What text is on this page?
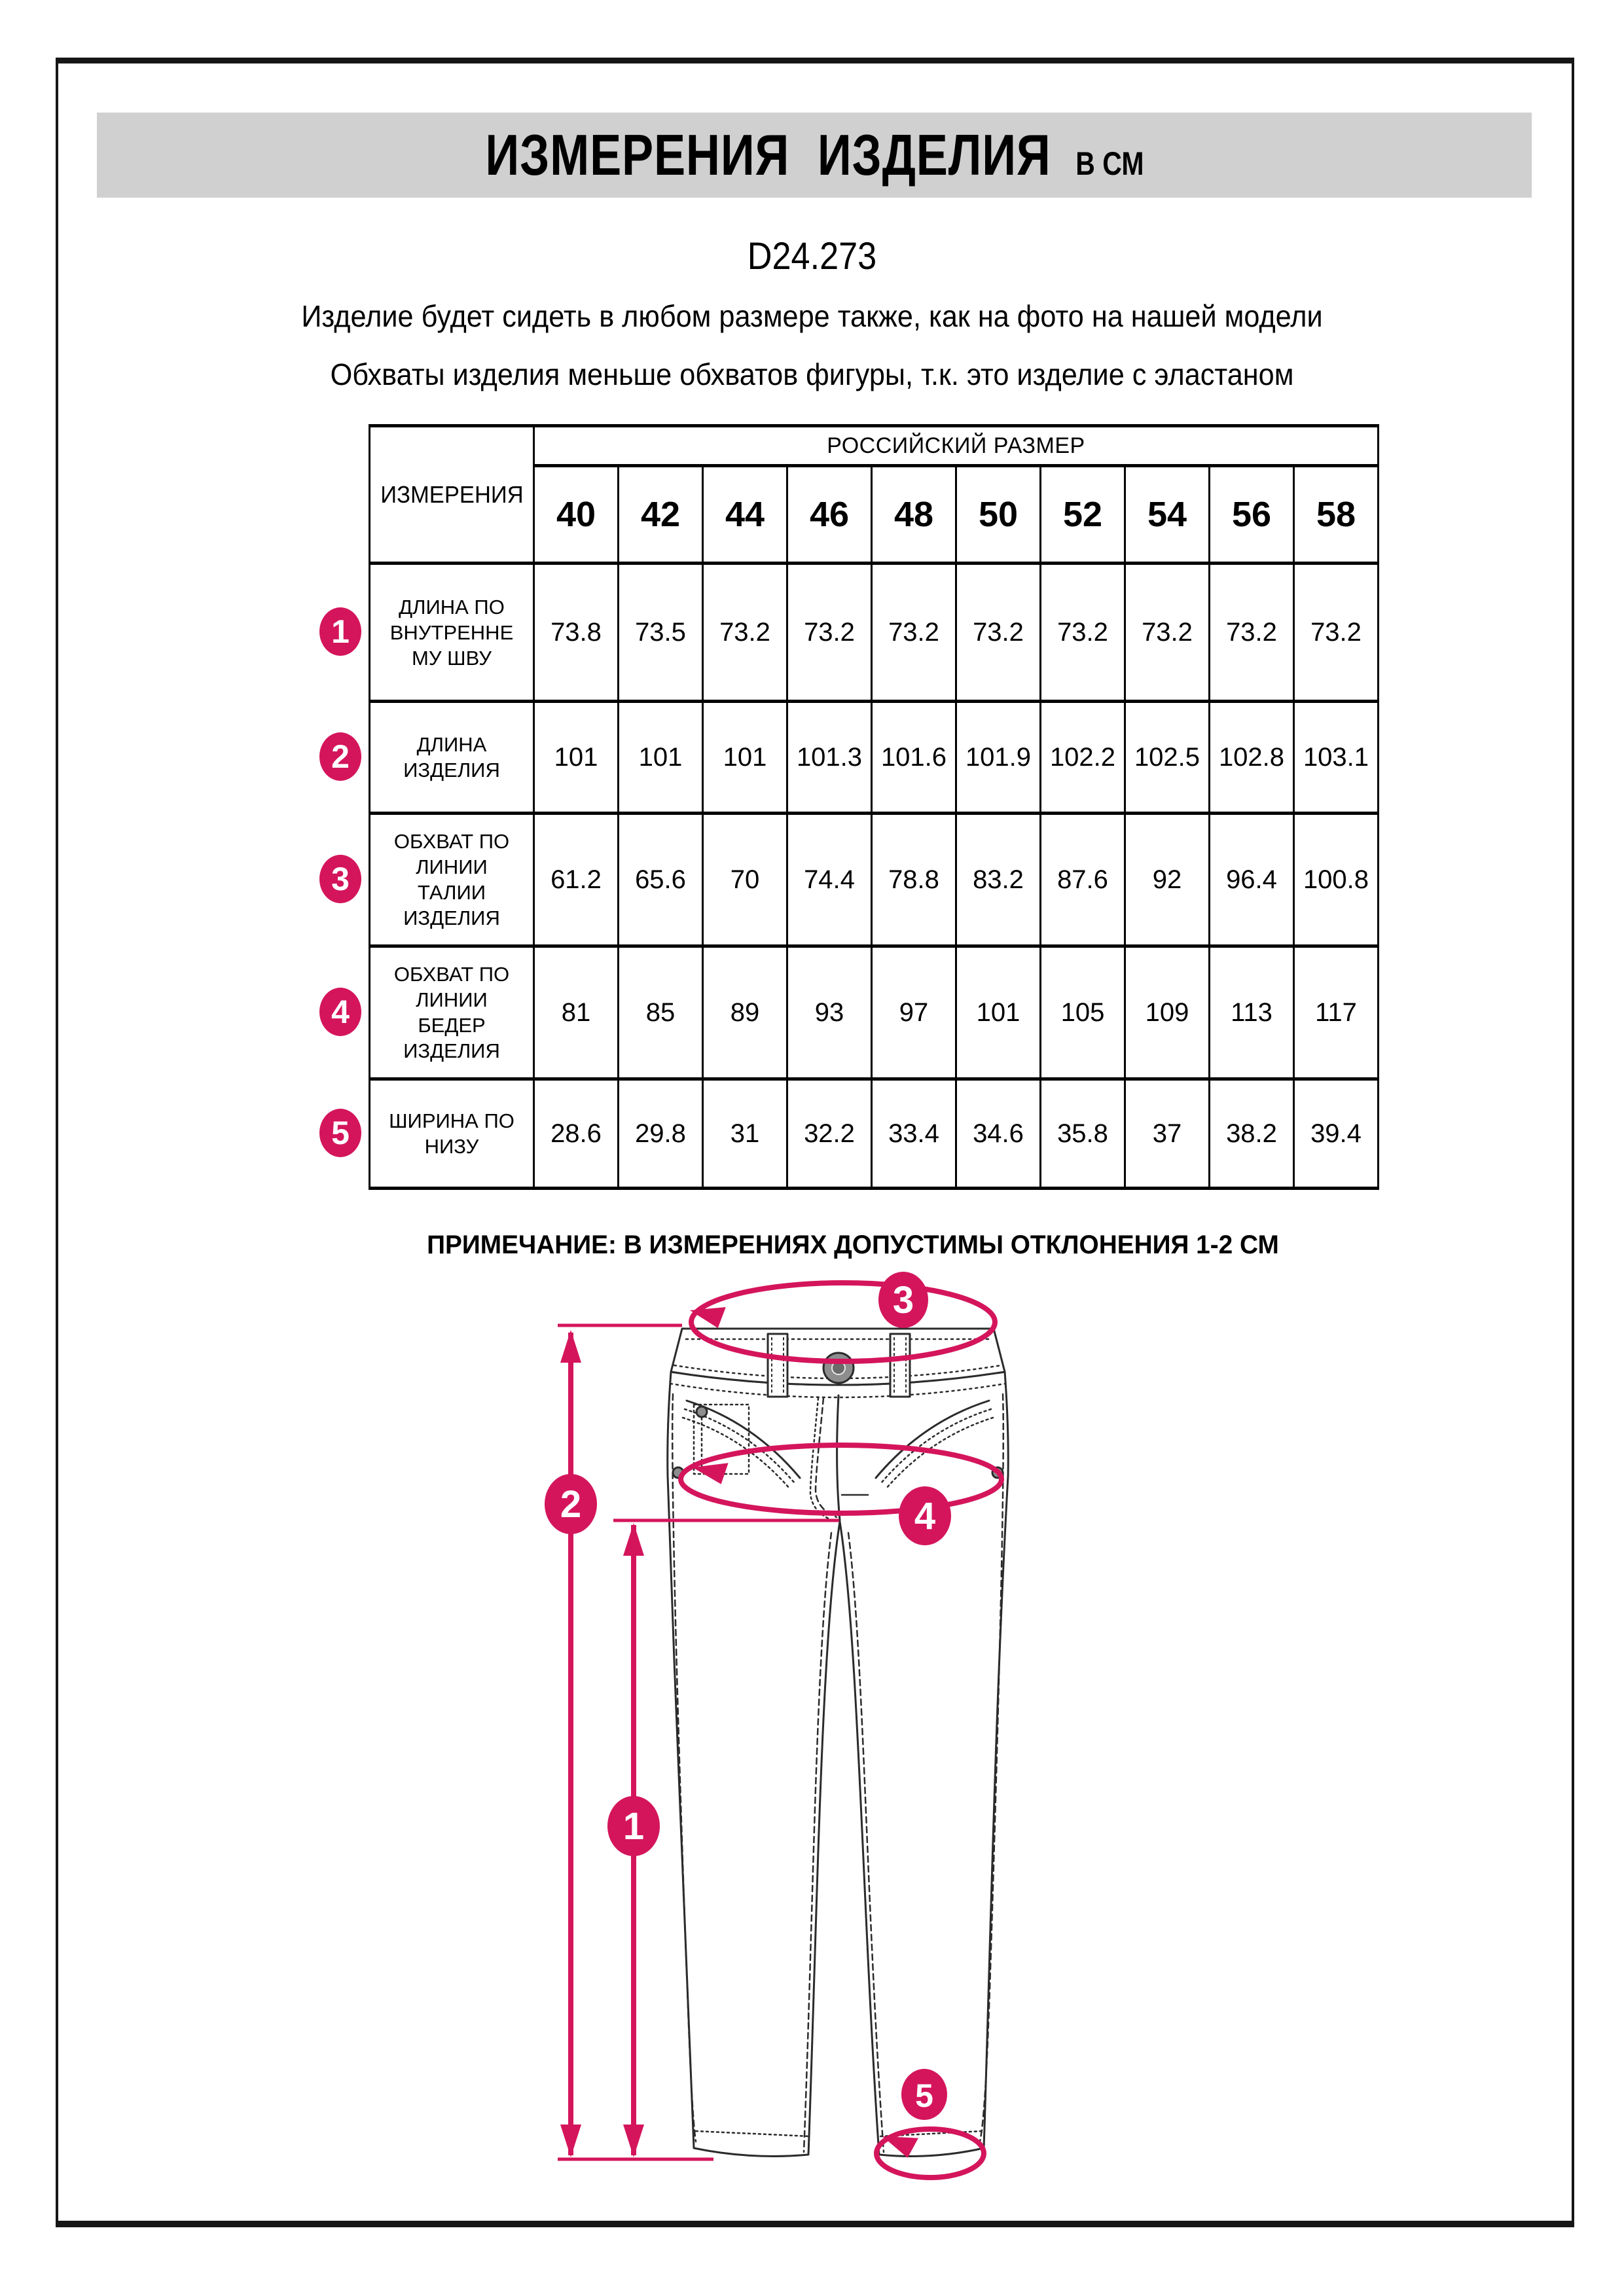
ИЗМЕРЕНИЯ ИЗДЕЛИЯ В СМ
D24.273
Изделие будет сидеть в любом размере также, как на фото на нашей модели
Обхваты изделия меньше обхватов фигуры, т.к. это изделие с эластаном
ИЗМЕРЕНИЯ	РОССИЙСКИЙ РАЗМЕР									
	40	42	44	46	48	50	52	54	56	58

ДЛИНА ПО
ВНУТРЕННЕ
МУ ШВУ	73.8	73.5	73.2	73.2	73.2	73.2	73.2	73.2	73.2	73.2

ДЛИНА
ИЗДЕЛИЯ	101	101	101	101.3	101.6	101.9	102.2	102.5	102.8	103.1

ОБХВАТ ПО
ЛИНИИ
ТАЛИИ
ИЗДЕЛИЯ	61.2	65.6	70	74.4	78.8	83.2	87.6	92	96.4	100.8

ОБХВАТ ПО
ЛИНИИ
БЕДЕР
ИЗДЕЛИЯ	81	85	89	93	97	101	105	109	113	117

ШИРИНА ПО
НИЗУ	28.6	29.8	31	32.2	33.4	34.6	35.8	37	38.2	39.4
1
2
3
4
5
ПРИМЕЧАНИЕ: В ИЗМЕРЕНИЯХ ДОПУСТИМЫ ОТКЛОНЕНИЯ 1-2 СМ
3
4
2
1
5
